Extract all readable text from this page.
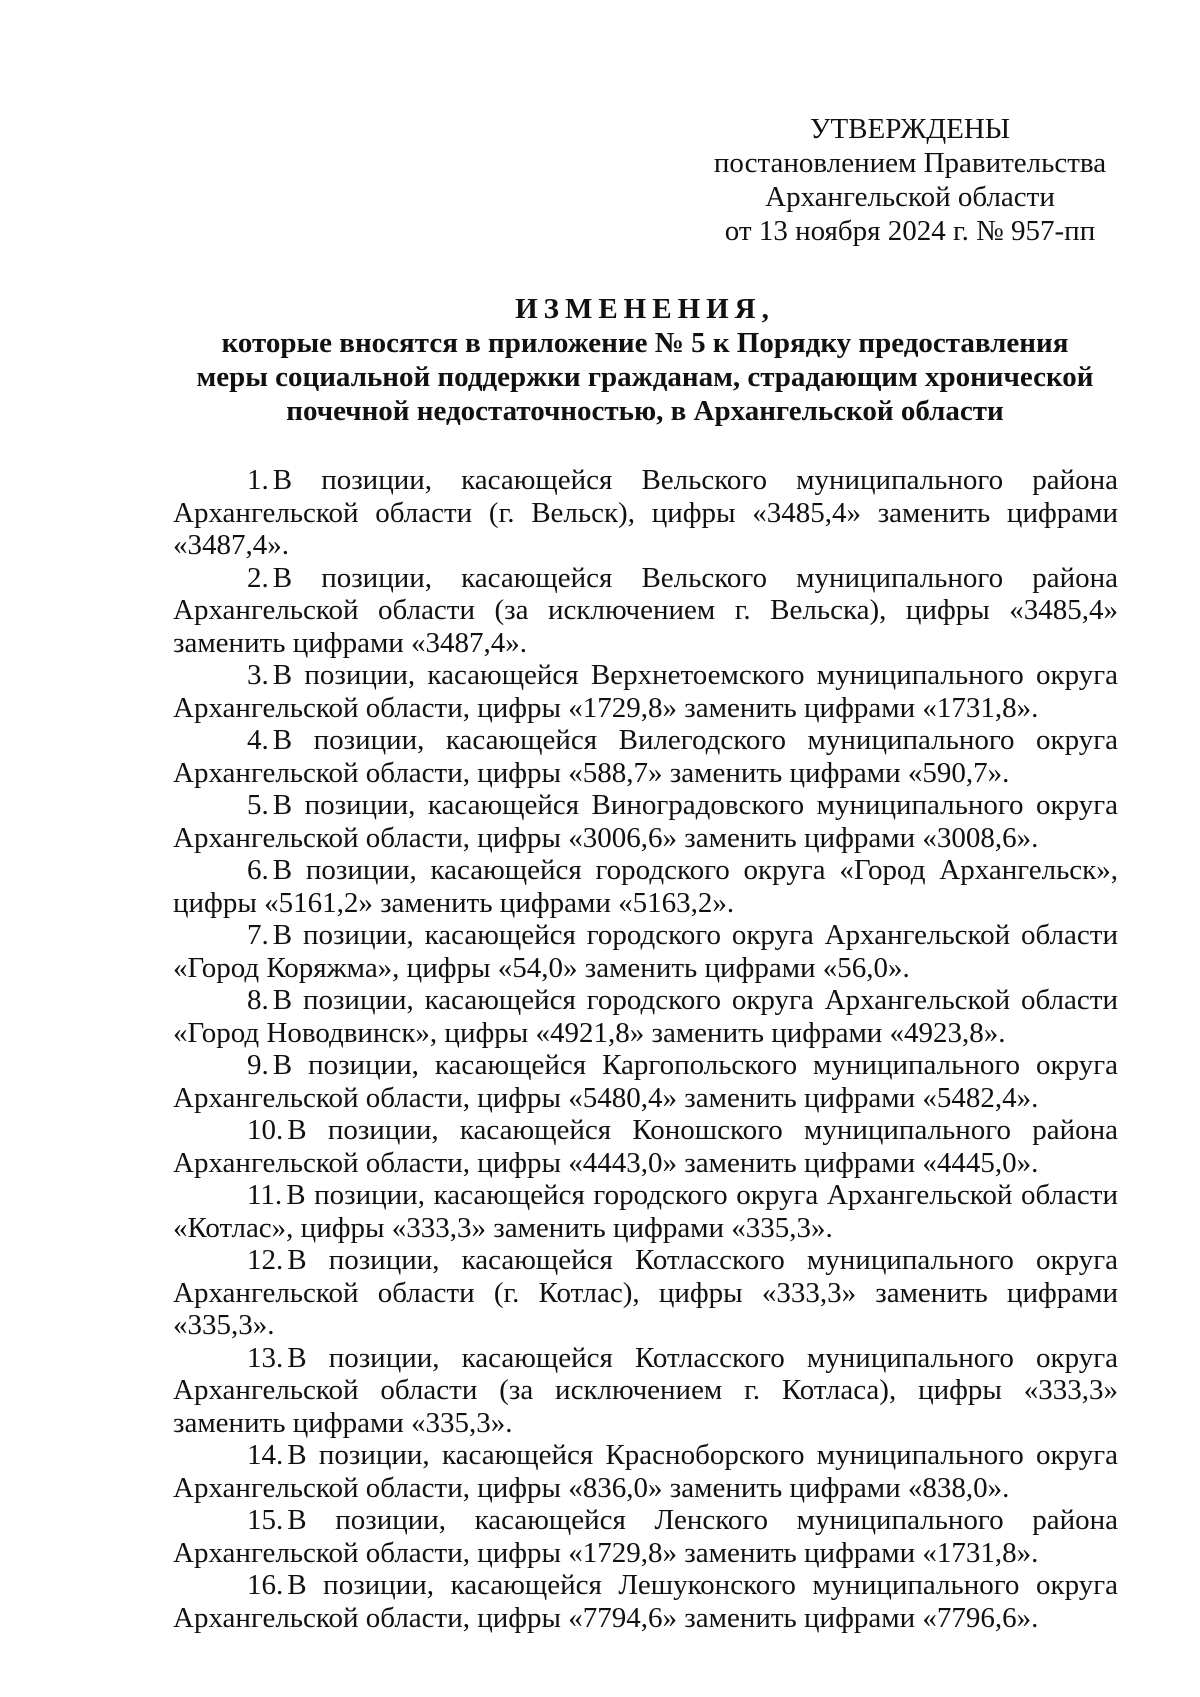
УТВЕРЖДЕНЫ
постановлением Правительства
Архангельской области
от 13 ноября 2024 г. № 957-пп
ИЗМЕНЕНИЯ,
которые вносятся в приложение № 5 к Порядку предоставления
меры социальной поддержки гражданам, страдающим хронической
почечной недостаточностью, в Архангельской области

1. В позиции, касающейся Вельского муниципального района Архангельской области (г. Вельск), цифры «3485,4» заменить цифрами «3487,4».

2. В позиции, касающейся Вельского муниципального района Архангельской области (за исключением г. Вельска), цифры «3485,4» заменить цифрами «3487,4».

3. В позиции, касающейся Верхнетоемского муниципального округа Архангельской области, цифры «1729,8» заменить цифрами «1731,8».

4. В позиции, касающейся Вилегодского муниципального округа Архангельской области, цифры «588,7» заменить цифрами «590,7».

5. В позиции, касающейся Виноградовского муниципального округа Архангельской области, цифры «3006,6» заменить цифрами «3008,6».

6. В позиции, касающейся городского округа «Город Архангельск», цифры «5161,2» заменить цифрами «5163,2».

7. В позиции, касающейся городского округа Архангельской области «Город Коряжма», цифры «54,0» заменить цифрами «56,0».

8. В позиции, касающейся городского округа Архангельской области «Город Новодвинск», цифры «4921,8» заменить цифрами «4923,8».

9. В позиции, касающейся Каргопольского муниципального округа Архангельской области, цифры «5480,4» заменить цифрами «5482,4».

10. В позиции, касающейся Коношского муниципального района Архангельской области, цифры «4443,0» заменить цифрами «4445,0».

11. В позиции, касающейся городского округа Архангельской области «Котлас», цифры «333,3» заменить цифрами «335,3».

12. В позиции, касающейся Котласского муниципального округа Архангельской области (г. Котлас), цифры «333,3» заменить цифрами «335,3».

13. В позиции, касающейся Котласского муниципального округа Архангельской области (за исключением г. Котласа), цифры «333,3» заменить цифрами «335,3».

14. В позиции, касающейся Красноборского муниципального округа Архангельской области, цифры «836,0» заменить цифрами «838,0».

15. В позиции, касающейся Ленского муниципального района Архангельской области, цифры «1729,8» заменить цифрами «1731,8».

16. В позиции, касающейся Лешуконского муниципального округа Архангельской области, цифры «7794,6» заменить цифрами «7796,6».
